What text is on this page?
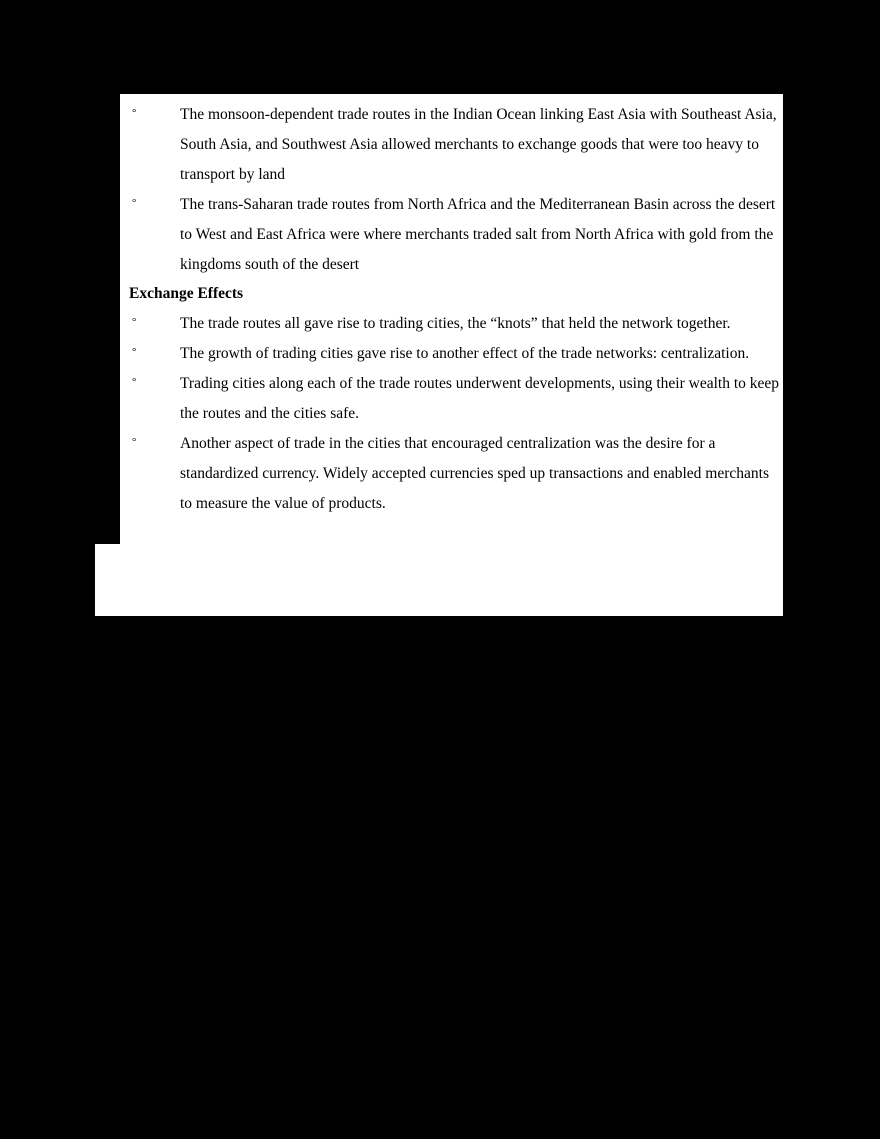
°	The monsoon-dependent trade routes in the Indian Ocean linking East Asia with Southeast Asia, South Asia, and Southwest Asia allowed merchants to exchange goods that were too heavy to transport by land
°	The trans-Saharan trade routes from North Africa and the Mediterranean Basin across the desert to West and East Africa were where merchants traded salt from North Africa with gold from the kingdoms south of the desert
Exchange Effects
°	The trade routes all gave rise to trading cities, the “knots” that held the network together.
°	The growth of trading cities gave rise to another effect of the trade networks: centralization.
°	Trading cities along each of the trade routes underwent developments, using their wealth to keep the routes and the cities safe.
°	Another aspect of trade in the cities that encouraged centralization was the desire for a standardized currency. Widely accepted currencies sped up transactions and enabled merchants to measure the value of products.
